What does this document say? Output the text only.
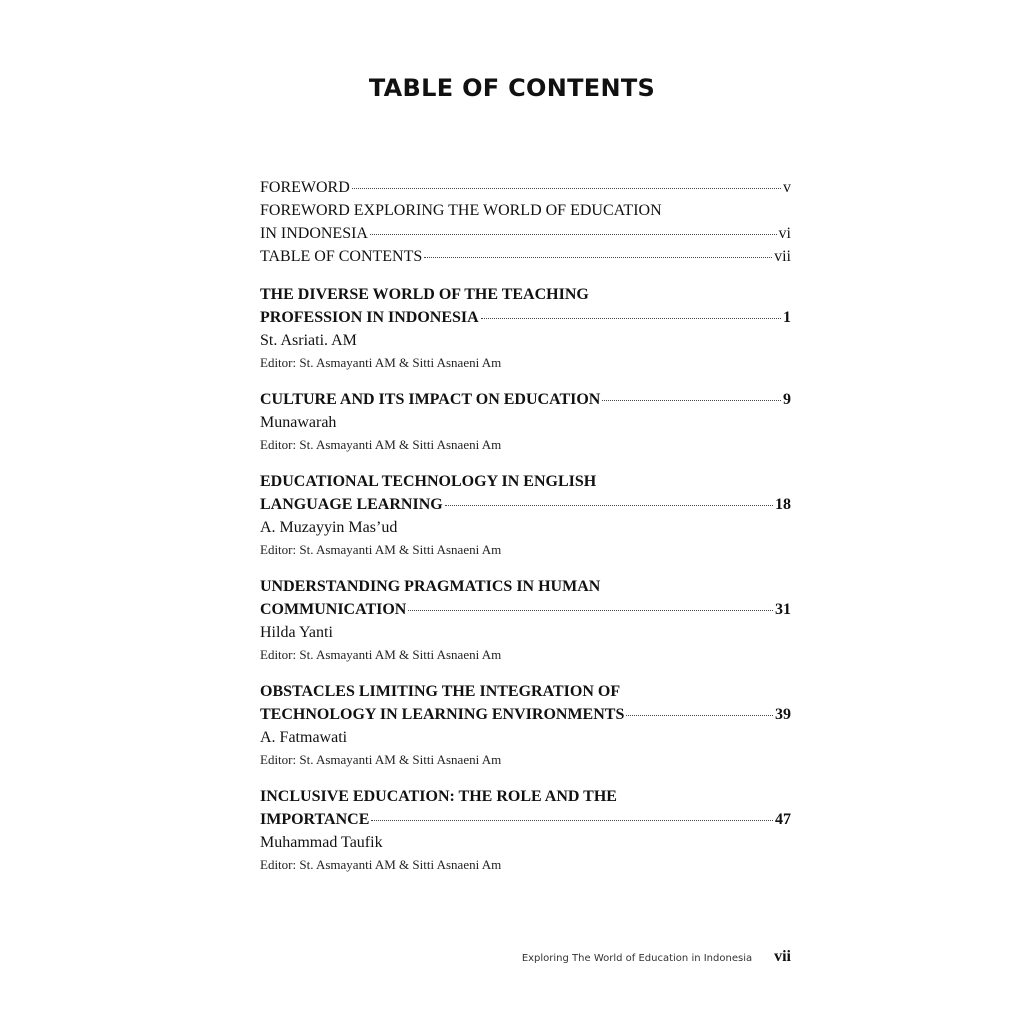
TABLE OF CONTENTS
FOREWORD	v
FOREWORD EXPLORING THE WORLD OF EDUCATION
IN INDONESIA	vi
TABLE OF CONTENTS	vii
THE DIVERSE WORLD OF THE TEACHING
PROFESSION IN INDONESIA	1
St. Asriati. AM
Editor: St. Asmayanti AM & Sitti Asnaeni Am
CULTURE AND ITS IMPACT ON EDUCATION	9
Munawarah
Editor: St. Asmayanti AM & Sitti Asnaeni Am
EDUCATIONAL TECHNOLOGY IN ENGLISH
LANGUAGE LEARNING	18
A. Muzayyin Mas’ud
Editor: St. Asmayanti AM & Sitti Asnaeni Am
UNDERSTANDING PRAGMATICS IN HUMAN
COMMUNICATION	31
Hilda Yanti
Editor: St. Asmayanti AM & Sitti Asnaeni Am
OBSTACLES LIMITING THE INTEGRATION OF
TECHNOLOGY IN LEARNING ENVIRONMENTS	39
A. Fatmawati
Editor: St. Asmayanti AM & Sitti Asnaeni Am
INCLUSIVE EDUCATION: THE ROLE AND THE
IMPORTANCE	47
Muhammad Taufik
Editor: St. Asmayanti AM & Sitti Asnaeni Am
Exploring The World of Education in Indonesia vii
